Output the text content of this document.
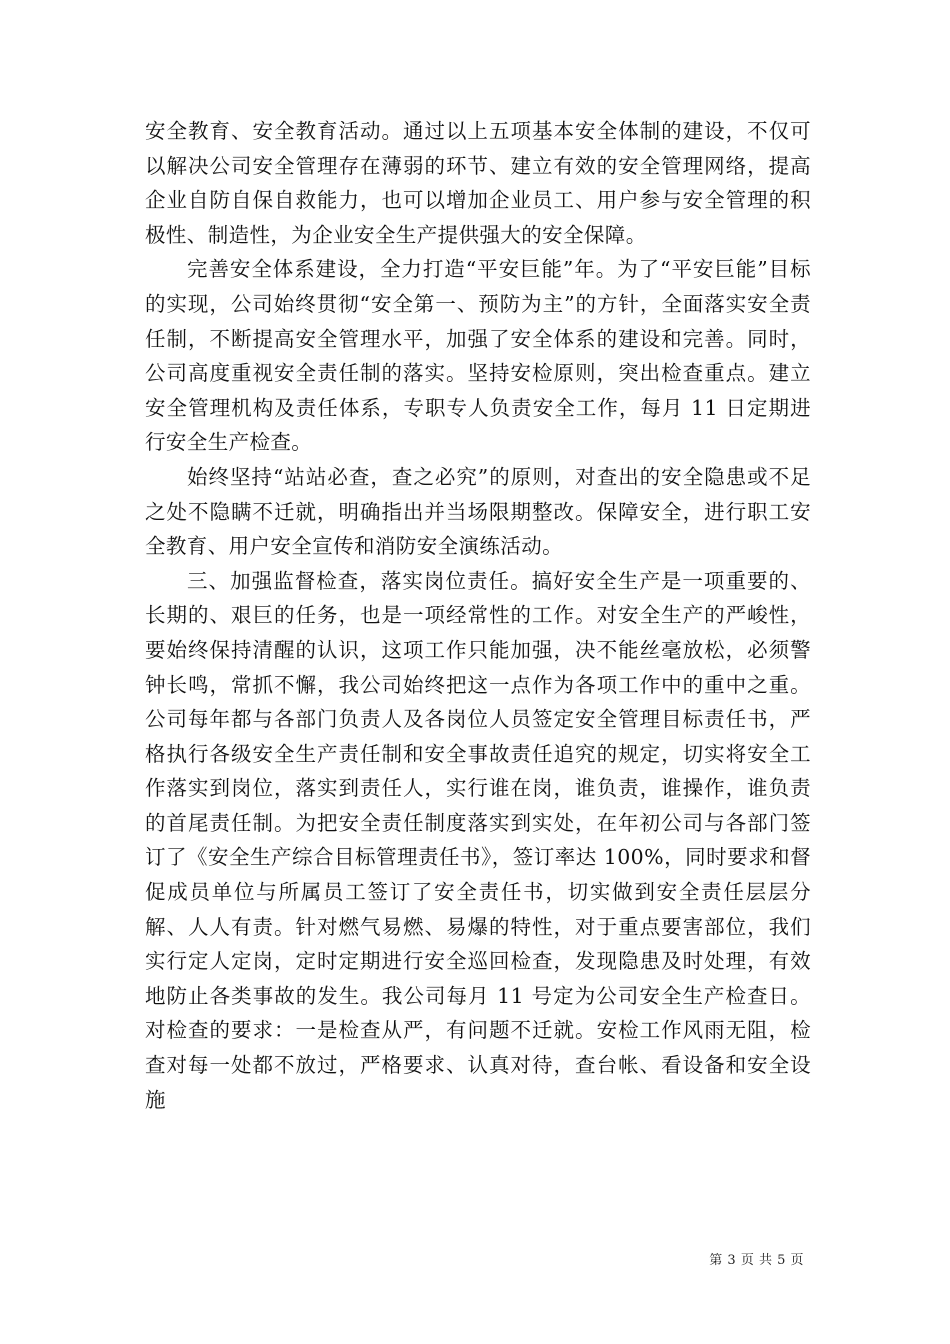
安全教育、安全教育活动。通过以上五项基本安全体制的建设，不仅可以解决公司安全管理存在薄弱的环节、建立有效的安全管理网络，提高企业自防自保自救能力，也可以增加企业员工、用户参与安全管理的积极性、制造性，为企业安全生产提供强大的安全保障。

完善安全体系建设，全力打造“平安巨能”年。为了“平安巨能”目标的实现，公司始终贯彻“安全第一、预防为主”的方针，全面落实安全责任制，不断提高安全管理水平，加强了安全体系的建设和完善。同时，公司高度重视安全责任制的落实。坚持安检原则，突出检查重点。建立安全管理机构及责任体系，专职专人负责安全工作，每月 11 日定期进行安全生产检查。

始终坚持“站站必查，查之必究”的原则，对查出的安全隐患或不足之处不隐瞒不迁就，明确指出并当场限期整改。保障安全，进行职工安全教育、用户安全宣传和消防安全演练活动。

三、加强监督检查，落实岗位责任。搞好安全生产是一项重要的、长期的、艰巨的任务，也是一项经常性的工作。对安全生产的严峻性，要始终保持清醒的认识，这项工作只能加强，决不能丝毫放松，必须警钟长鸣，常抓不懈，我公司始终把这一点作为各项工作中的重中之重。公司每年都与各部门负责人及各岗位人员签定安全管理目标责任书，严格执行各级安全生产责任制和安全事故责任追究的规定，切实将安全工作落实到岗位，落实到责任人，实行谁在岗，谁负责，谁操作，谁负责的首尾责任制。为把安全责任制度落实到实处，在年初公司与各部门签订了《安全生产综合目标管理责任书》，签订率达 100%，同时要求和督促成员单位与所属员工签订了安全责任书，切实做到安全责任层层分解、人人有责。针对燃气易燃、易爆的特性，对于重点要害部位，我们实行定人定岗，定时定期进行安全巡回检查，发现隐患及时处理，有效地防止各类事故的发生。我公司每月 11 号定为公司安全生产检查日。对检查的要求：一是检查从严，有问题不迁就。安检工作风雨无阻，检查对每一处都不放过，严格要求、认真对待，查台帐、看设备和安全设施

第 3 页 共 5 页
